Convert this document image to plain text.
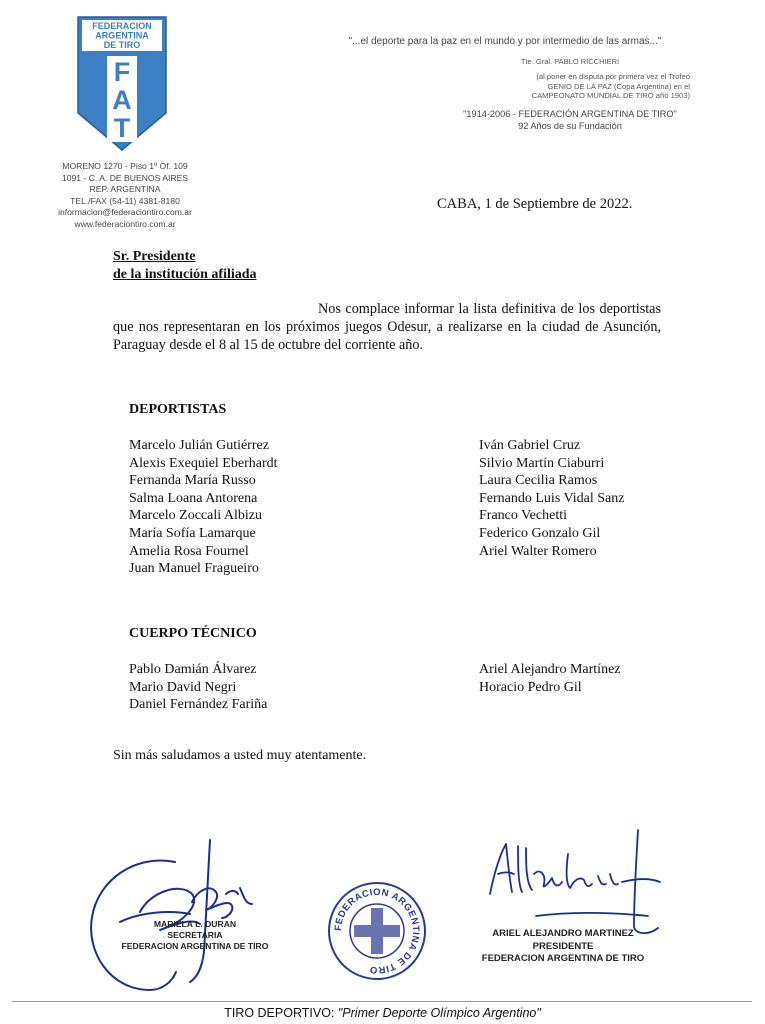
FEDERACION
ARGENTINA
DE TIRO
F
A
T
MORENO 1270 - Piso 1º Of. 109
1091 - C. A. DE BUENOS AIRES
REP. ARGENTINA
TEL./FAX (54-11) 4381-8180
informacion@federaciontiro.com.ar
www.federaciontiro.com.ar
"...el deporte para la paz en el mundo y por intermedio de las armas..."
Tte. Gral. PABLO RICCHIERI
(al poner en disputa por primera vez el Trofeo
GENIO DE LA PAZ (Copa Argentina) en el
CAMPEONATO MUNDIAL DE TIRO año 1903)
"1914-2006 - FEDERACIÓN ARGENTINA DE TIRO"
92 Años de su Fundación
CABA, 1 de Septiembre de 2022.
Sr. Presidente
de la institución afiliada
Nos complace informar la lista definitiva de los deportistas que nos representaran en los próximos juegos Odesur, a realizarse en la ciudad de Asunción, Paraguay desde el 8 al 15 de octubre del corriente año.
DEPORTISTAS
Marcelo Julián Gutiérrez
Alexis Exequiel Eberhardt
Fernanda María Russo
Salma Loana Antorena
Marcelo Zoccali Albizu
María Sofía Lamarque
Amelia Rosa Fournel
Juan Manuel Fragueiro
Iván Gabriel Cruz
Silvio Martín Ciaburri
Laura Cecilia Ramos
Fernando Luis Vidal Sanz
Franco Vechetti
Federico Gonzalo Gil
Ariel Walter Romero
CUERPO TÉCNICO
Pablo Damián Álvarez
Mario David Negri
Daniel Fernández Fariña
Ariel Alejandro Martínez
Horacio Pedro Gil
Sin más saludamos a usted muy atentamente.
MARIELA L. DURAN
SECRETARIA
FEDERACION ARGENTINA DE TIRO
FEDERACION ARGENTINA DE TIRO
ARIEL ALEJANDRO MARTINEZ
PRESIDENTE
FEDERACION ARGENTINA DE TIRO
TIRO DEPORTIVO: "Primer Deporte Olímpico Argentino"
